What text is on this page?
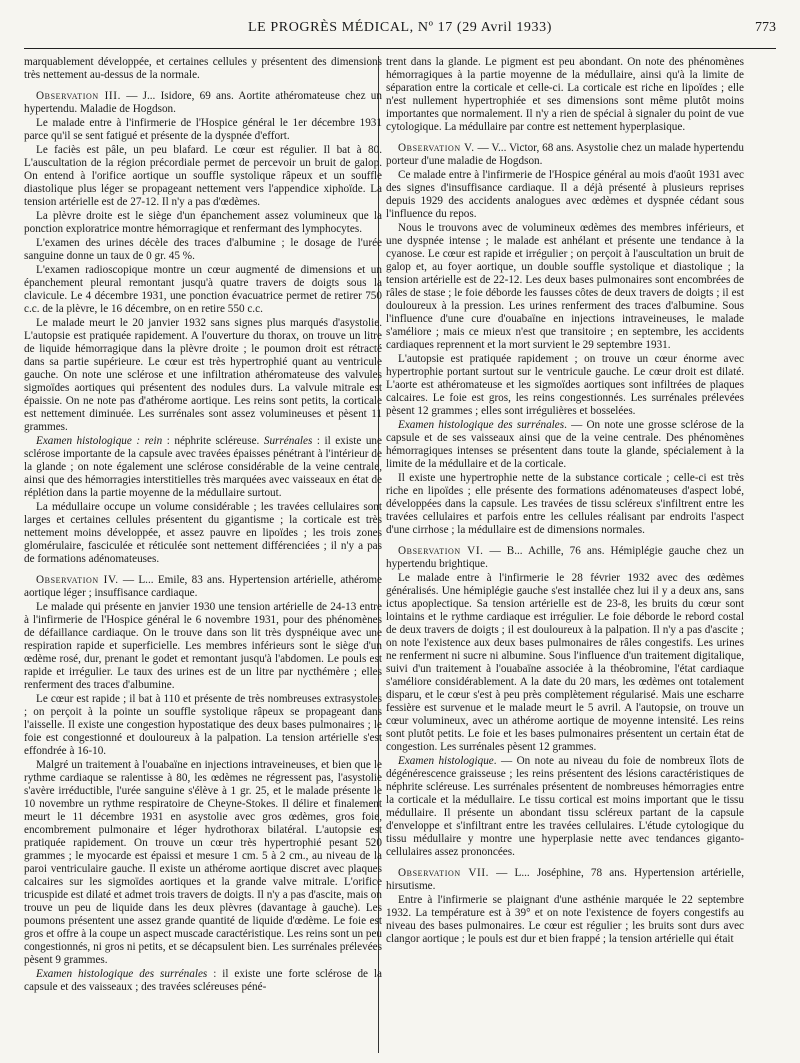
LE PROGRÈS MÉDICAL, Nº 17 (29 Avril 1933)	773

marquablement développée, et certaines cellules y présentent des dimensions très nettement au-dessus de la normale.

Observation III. — J... Isidore, 69 ans. Aortite athéromateuse chez un hypertendu. Maladie de Hogdson.

Le malade entre à l'infirmerie de l'Hospice général le 1er décembre 1931 parce qu'il se sent fatigué et présente de la dyspnée d'effort.

Le faciès est pâle, un peu blafard. Le cœur est régulier. Il bat à 80. L'auscultation de la région précordiale permet de percevoir un bruit de galop. On entend à l'orifice aortique un souffle systolique râpeux et un souffle diastolique plus léger se propageant nettement vers l'appendice xiphoïde. La tension artérielle est de 27-12. Il n'y a pas d'œdèmes.

La plèvre droite est le siège d'un épanchement assez volumineux que la ponction exploratrice montre hémorragique et renfermant des lymphocytes.

L'examen des urines décèle des traces d'albumine ; le dosage de l'urée sanguine donne un taux de 0 gr. 45 %.

L'examen radioscopique montre un cœur augmenté de dimensions et un épanchement pleural remontant jusqu'à quatre travers de doigts sous la clavicule. Le 4 décembre 1931, une ponction évacuatrice permet de retirer 750 c.c. de la plèvre, le 16 décembre, on en retire 550 c.c.

Le malade meurt le 20 janvier 1932 sans signes plus marqués d'asystolie. L'autopsie est pratiquée rapidement. A l'ouverture du thorax, on trouve un litre de liquide hémorragique dans la plèvre droite ; le poumon droit est rétracté dans sa partie supérieure. Le cœur est très hypertrophié quant au ventricule gauche. On note une sclérose et une infiltration athéromateuse des valvules sigmoïdes aortiques qui présentent des nodules durs. La valvule mitrale est épaissie. On ne note pas d'athérome aortique. Les reins sont petits, la corticale est nettement diminuée. Les surrénales sont assez volumineuses et pèsent 11 grammes.

Examen histologique : rein : néphrite scléreuse. Surrénales : il existe une sclérose importante de la capsule avec travées épaisses pénétrant à l'intérieur de la glande ; on note également une sclérose considérable de la veine centrale, ainsi que des hémorragies interstitielles très marquées avec vaisseaux en état de réplétion dans la partie moyenne de la médullaire surtout.

La médullaire occupe un volume considérable ; les travées cellulaires sont larges et certaines cellules présentent du gigantisme ; la corticale est très nettement moins développée, et assez pauvre en lipoïdes ; les trois zones glomérulaire, fasciculée et réticulée sont nettement différenciées ; il n'y a pas de formations adénomateuses.

Observation IV. — L... Emile, 83 ans. Hypertension artérielle, athérome aortique léger ; insuffisance cardiaque.

Le malade qui présente en janvier 1930 une tension artérielle de 24-13 entre à l'infirmerie de l'Hospice général le 6 novembre 1931, pour des phénomènes de défaillance cardiaque. On le trouve dans son lit très dyspnéique avec une respiration rapide et superficielle. Les membres inférieurs sont le siège d'un œdème rosé, dur, prenant le godet et remontant jusqu'à l'abdomen. Le pouls est rapide et irrégulier. Le taux des urines est de un litre par nycthémère ; elles renferment des traces d'albumine.

Le cœur est rapide ; il bat à 110 et présente de très nombreuses extrasystoles ; on perçoit à la pointe un souffle systolique râpeux se propageant dans l'aisselle. Il existe une congestion hypostatique des deux bases pulmonaires ; le foie est congestionné et douloureux à la palpation. La tension artérielle s'est effondrée à 16-10.

Malgré un traitement à l'ouabaïne en injections intraveineuses, et bien que le rythme cardiaque se ralentisse à 80, les œdèmes ne régressent pas, l'asystolie s'avère irréductible, l'urée sanguine s'élève à 1 gr. 25, et le malade présente le 10 novembre un rythme respiratoire de Cheyne-Stokes. Il délire et finalement meurt le 11 décembre 1931 en asystolie avec gros œdèmes, gros foie, encombrement pulmonaire et léger hydrothorax bilatéral. L'autopsie est pratiquée rapidement. On trouve un cœur très hypertrophié pesant 520 grammes ; le myocarde est épaissi et mesure 1 cm. 5 à 2 cm., au niveau de la paroi ventriculaire gauche. Il existe un athérome aortique discret avec plaques calcaires sur les sigmoïdes aortiques et la grande valve mitrale. L'orifice tricuspide est dilaté et admet trois travers de doigts. Il n'y a pas d'ascite, mais on trouve un peu de liquide dans les deux plèvres (davantage à gauche). Les poumons présentent une assez grande quantité de liquide d'œdème. Le foie est gros et offre à la coupe un aspect muscade caractéristique. Les reins sont un peu congestionnés, ni gros ni petits, et se décapsulent bien. Les surrénales prélevées pèsent 9 grammes.

Examen histologique des surrénales : il existe une forte sclérose de la capsule et des vaisseaux ; des travées scléreuses péné-

trent dans la glande. Le pigment est peu abondant. On note des phénomènes hémorragiques à la partie moyenne de la médullaire, ainsi qu'à la limite de séparation entre la corticale et celle-ci. La corticale est riche en lipoïdes ; elle n'est nullement hypertrophiée et ses dimensions sont même plutôt moins importantes que normalement. Il n'y a rien de spécial à signaler du point de vue cytologique. La médullaire par contre est nettement hyperplasique.

Observation V. — V... Victor, 68 ans. Asystolie chez un malade hypertendu porteur d'une maladie de Hogdson.

Ce malade entre à l'infirmerie de l'Hospice général au mois d'août 1931 avec des signes d'insuffisance cardiaque. Il a déjà présenté à plusieurs reprises depuis 1929 des accidents analogues avec œdèmes et dyspnée cédant sous l'influence du repos.

Nous le trouvons avec de volumineux œdèmes des membres inférieurs, et une dyspnée intense ; le malade est anhélant et présente une tendance à la cyanose. Le cœur est rapide et irrégulier ; on perçoit à l'auscultation un bruit de galop et, au foyer aortique, un double souffle systolique et diastolique ; la tension artérielle est de 22-12. Les deux bases pulmonaires sont encombrées de râles de stase ; le foie déborde les fausses côtes de deux travers de doigts ; il est douloureux à la pression. Les urines renferment des traces d'albumine. Sous l'influence d'une cure d'ouabaïne en injections intraveineuses, le malade s'améliore ; mais ce mieux n'est que transitoire ; en septembre, les accidents cardiaques reprennent et la mort survient le 29 septembre 1931.

L'autopsie est pratiquée rapidement ; on trouve un cœur énorme avec hypertrophie portant surtout sur le ventricule gauche. Le cœur droit est dilaté. L'aorte est athéromateuse et les sigmoïdes aortiques sont infiltrées de plaques calcaires. Le foie est gros, les reins congestionnés. Les surrénales prélevées pèsent 12 grammes ; elles sont irrégulières et bosselées.

Examen histologique des surrénales. — On note une grosse sclérose de la capsule et de ses vaisseaux ainsi que de la veine centrale. Des phénomènes hémorragiques intenses se présentent dans toute la glande, spécialement à la limite de la médullaire et de la corticale.

Il existe une hypertrophie nette de la substance corticale ; celle-ci est très riche en lipoïdes ; elle présente des formations adénomateuses d'aspect lobé, développées dans la capsule. Les travées de tissu scléreux s'infiltrent entre les travées cellulaires et parfois entre les cellules réalisant par endroits l'aspect d'une cirrhose ; la médullaire est de dimensions normales.

Observation VI. — B... Achille, 76 ans. Hémiplégie gauche chez un hypertendu brightique.

Le malade entre à l'infirmerie le 28 février 1932 avec des œdèmes généralisés. Une hémiplégie gauche s'est installée chez lui il y a deux ans, sans ictus apoplectique. Sa tension artérielle est de 23-8, les bruits du cœur sont lointains et le rythme cardiaque est irrégulier. Le foie déborde le rebord costal de deux travers de doigts ; il est douloureux à la palpation. Il n'y a pas d'ascite ; on note l'existence aux deux bases pulmonaires de râles congestifs. Les urines ne renferment ni sucre ni albumine. Sous l'influence d'un traitement digitalique, suivi d'un traitement à l'ouabaïne associée à la théobromine, l'état cardiaque s'améliore considérablement. A la date du 20 mars, les œdèmes ont totalement disparu, et le cœur s'est à peu près complètement régularisé. Mais une escharre fessière est survenue et le malade meurt le 5 avril. A l'autopsie, on trouve un cœur volumineux, avec un athérome aortique de moyenne intensité. Les reins sont plutôt petits. Le foie et les bases pulmonaires présentent un certain état de congestion. Les surrénales pèsent 12 grammes.

Examen histologique. — On note au niveau du foie de nombreux îlots de dégénérescence graisseuse ; les reins présentent des lésions caractéristiques de néphrite scléreuse. Les surrénales présentent de nombreuses hémorragies entre la corticale et la médullaire. Le tissu cortical est moins important que le tissu médullaire. Il présente un abondant tissu scléreux partant de la capsule d'enveloppe et s'infiltrant entre les travées cellulaires. L'étude cytologique du tissu médullaire y montre une hyperplasie nette avec tendances giganto-cellulaires assez prononcées.

Observation VII. — L... Joséphine, 78 ans. Hypertension artérielle, hirsutisme.

Entre à l'infirmerie se plaignant d'une asthénie marquée le 22 septembre 1932. La température est à 39° et on note l'existence de foyers congestifs au niveau des bases pulmonaires. Le cœur est régulier ; les bruits sont durs avec clangor aortique ; le pouls est dur et bien frappé ; la tension artérielle qui était
